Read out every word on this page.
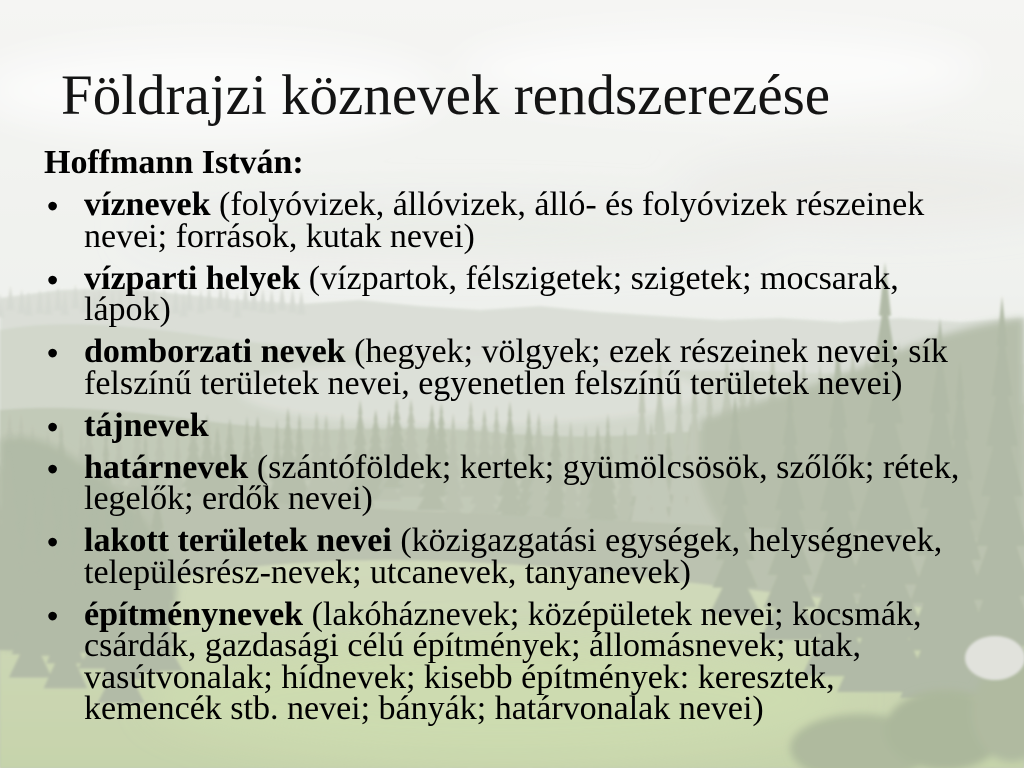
Földrajzi köznevek rendszerezése
Hoffmann István:
• víznevek (folyóvizek, állóvizek, álló- és folyóvizek részeinek nevei; források, kutak nevei)
• vízparti helyek (vízpartok, félszigetek; szigetek; mocsarak, lápok)
• domborzati nevek (hegyek; völgyek; ezek részeinek nevei; sík felszínű területek nevei, egyenetlen felszínű területek nevei)
• tájnevek
• határnevek (szántóföldek; kertek; gyümölcsösök, szőlők; rétek, legelők; erdők nevei)
• lakott területek nevei (közigazgatási egységek, helységnevek, településrész-nevek; utcanevek, tanyanevek)
• építménynevek (lakóháznevek; középületek nevei; kocsmák, csárdák, gazdasági célú építmények; állomásnevek; utak, vasútvonalak; hídnevek; kisebb építmények: keresztek, kemencék stb. nevei; bányák; határvonalak nevei)
